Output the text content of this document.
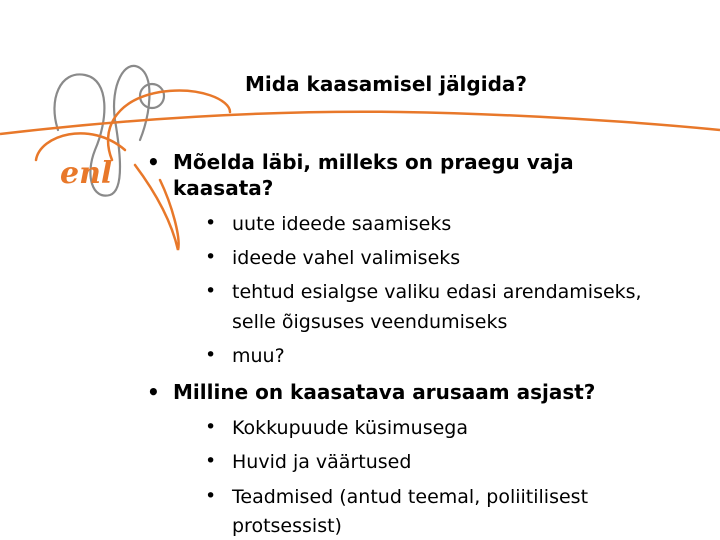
enl
Mida kaasamisel jälgida?
• Mõelda läbi, milleks on praegu vaja
kaasata?
• uute ideede saamiseks
• ideede vahel valimiseks
• tehtud esialgse valiku edasi arendamiseks,
selle õigsuses veendumiseks
• muu?
• Milline on kaasatava arusaam asjast?
• Kokkupuude küsimusega
• Huvid ja väärtused
• Teadmised (antud teemal, poliitilisest
protsessist)
